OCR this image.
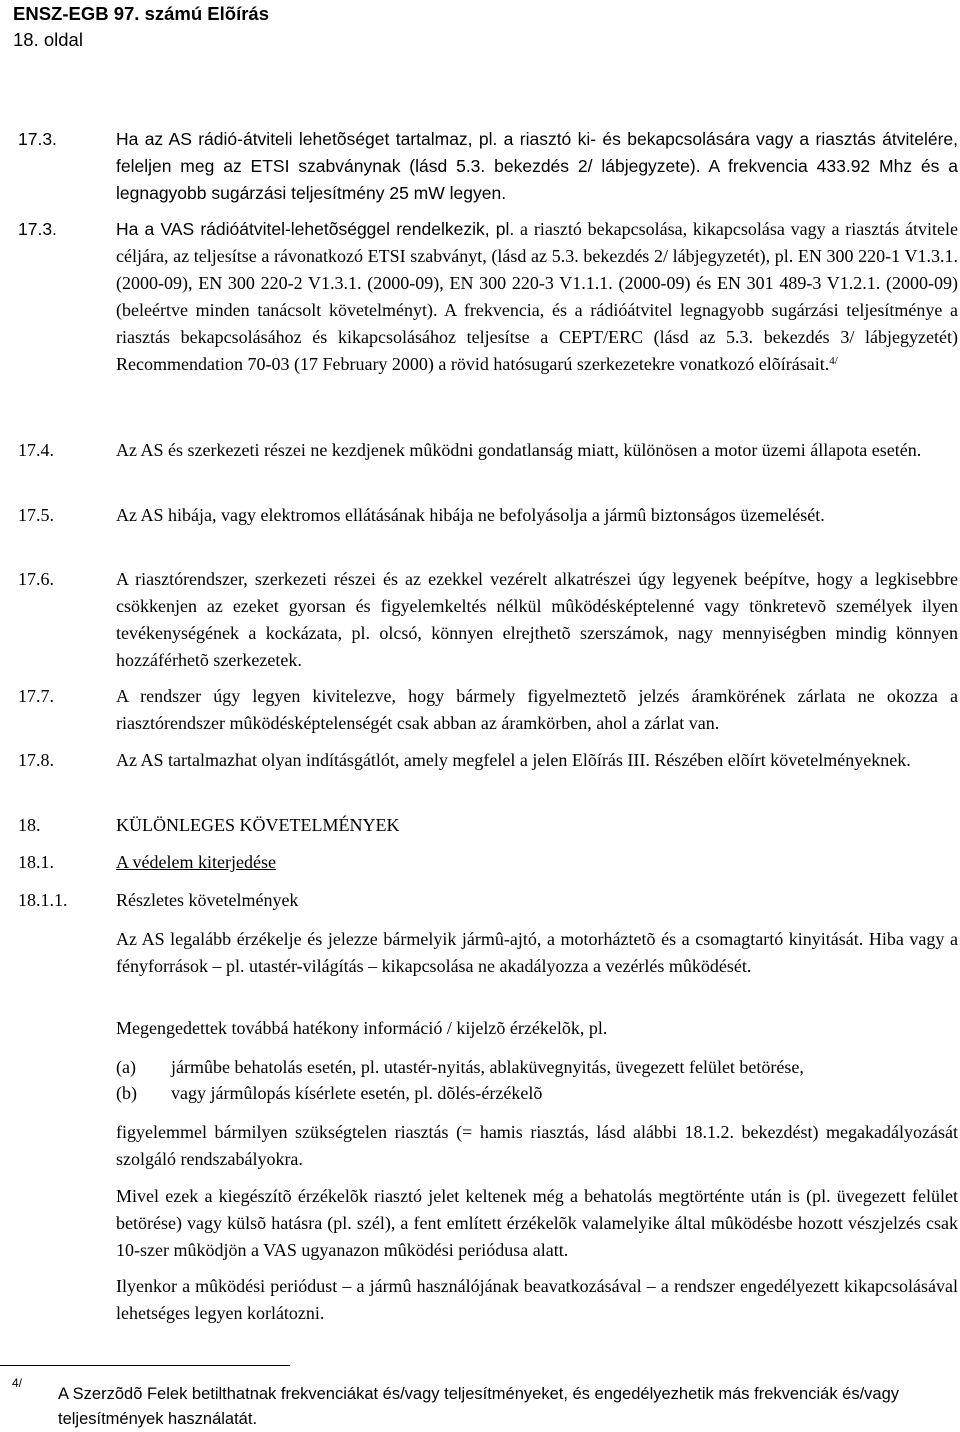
ENSZ-EGB 97. számú Elõírás
18. oldal
17.3.	Ha az AS rádió-átviteli lehetõséget tartalmaz, pl. a riasztó ki- és bekapcsolására vagy a riasztás átvitelére, feleljen meg az ETSI szabványnak (lásd 5.3. bekezdés 2/ lábjegyzete). A frekvencia 433.92 Mhz és a legnagyobb sugárzási teljesítmény 25 mW legyen.
17.3.	Ha a VAS rádióátvitel-lehetõséggel rendelkezik, pl. a riasztó bekapcsolása, kikapcsolása vagy a riasztás átvitele céljára, az teljesítse a rávonatkozó ETSI szabványt, (lásd az 5.3. bekezdés 2/ lábjegyzetét), pl. EN 300 220-1 V1.3.1. (2000-09), EN 300 220-2 V1.3.1. (2000-09), EN 300 220-3 V1.1.1. (2000-09) és EN 301 489-3 V1.2.1. (2000-09) (beleértve minden tanácsolt követelményt). A frekvencia, és a rádióátvitel legnagyobb sugárzási teljesítménye a riasztás bekapcsolásához és kikapcsolásához teljesítse a CEPT/ERC (lásd az 5.3. bekezdés 3/ lábjegyzetét) Recommendation 70-03 (17 February 2000) a rövid hatósugarú szerkezetekre vonatkozó elõírásait.$^{4/}$
17.4.	Az AS és szerkezeti részei ne kezdjenek mûködni gondatlanság miatt, különösen a motor üzemi állapota esetén.
17.5.	Az AS hibája, vagy elektromos ellátásának hibája ne befolyásolja a jármû biztonságos üzemelését.
17.6.	A riasztórendszer, szerkezeti részei és az ezekkel vezérelt alkatrészei úgy legyenek beépítve, hogy a legkisebbre csökkenjen az ezeket gyorsan és figyelemkeltés nélkül mûködésképtelenné vagy tönkretevõ személyek ilyen tevékenységének a kockázata, pl. olcsó, könnyen elrejthetõ szerszámok, nagy mennyiségben mindig könnyen hozzáférhetõ szerkezetek.
17.7.	A rendszer úgy legyen kivitelezve, hogy bármely figyelmeztetõ jelzés áramkörének zárlata ne okozza a riasztórendszer mûködésképtelenségét csak abban az áramkörben, ahol a zárlat van.
17.8.	Az AS tartalmazhat olyan indításgátlót, amely megfelel a jelen Elõírás III. Részében elõírt követelményeknek.
18.	KÜLÖNLEGES KÖVETELMÉNYEK
18.1.	A védelem kiterjedése
18.1.1.	Részletes követelmények
Az AS legalább érzékelje és jelezze bármelyik jármû-ajtó, a motorháztetõ és a csomagtartó kinyitását. Hiba vagy a fényforrások – pl. utastér-világítás – kikapcsolása ne akadályozza a vezérlés mûködését.
Megengedettek továbbá hatékony információ / kijelzõ érzékelõk, pl.
(a) jármûbe behatolás esetén, pl. utastér-nyitás, ablaküvegnyitás, üvegezett felület betörése,
(b) vagy jármûlopás kísérlete esetén, pl. dõlés-érzékelõ
figyelemmel bármilyen szükségtelen riasztás (= hamis riasztás, lásd alábbi 18.1.2. bekezdést) megakadályozását szolgáló rendszabályokra.
Mivel ezek a kiegészítõ érzékelõk riasztó jelet keltenek még a behatolás megtörténte után is (pl. üvegezett felület betörése) vagy külsõ hatásra (pl. szél), a fent említett érzékelõk valamelyike által mûködésbe hozott vészjelzés csak 10-szer mûködjön a VAS ugyanazon mûködési periódusa alatt.
Ilyenkor a mûködési periódust – a jármû használójának beavatkozásával – a rendszer engedélyezett kikapcsolásával lehetséges legyen korlátozni.
4/
A Szerzõdõ Felek betilthatnak frekvenciákat és/vagy teljesítményeket, és engedélyezhetik más frekvenciák és/vagy teljesítmények használatát.
